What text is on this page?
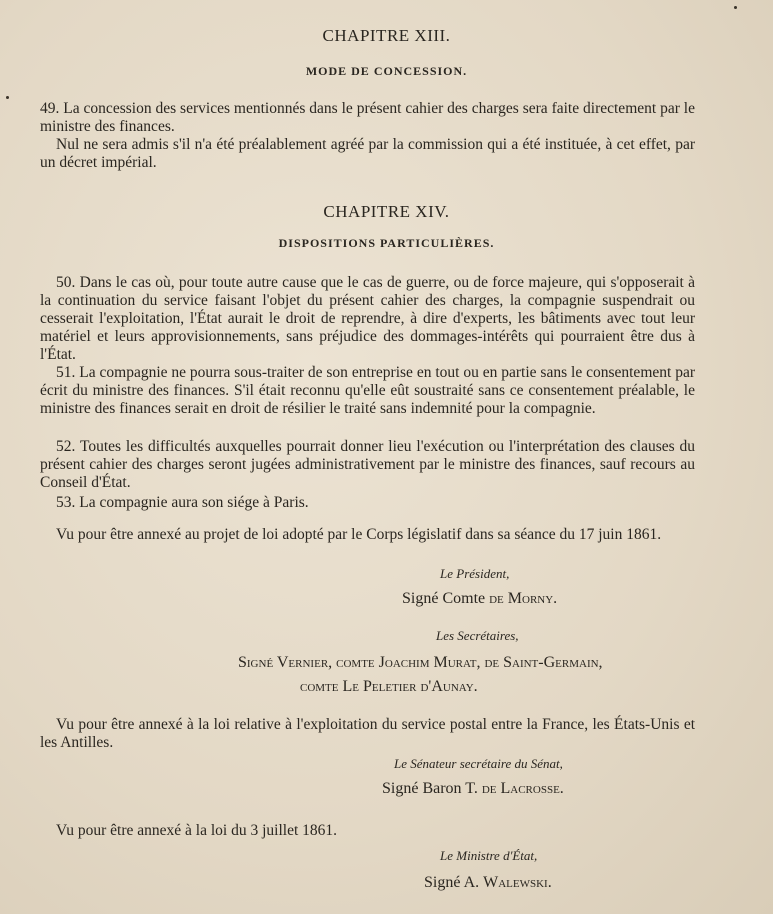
CHAPITRE XIII.

MODE DE CONCESSION.

49. La concession des services mentionnés dans le présent cahier des charges sera faite directement par le ministre des finances.

Nul ne sera admis s'il n'a été préalablement agréé par la commission qui a été instituée, à cet effet, par un décret impérial.

CHAPITRE XIV.

DISPOSITIONS PARTICULIÈRES.

50. Dans le cas où, pour toute autre cause que le cas de guerre, ou de force majeure, qui s'opposerait à la continuation du service faisant l'objet du présent cahier des charges, la compagnie suspendrait ou cesserait l'exploitation, l'État aurait le droit de reprendre, à dire d'experts, les bâtiments avec tout leur matériel et leurs approvisionnements, sans préjudice des dommages-intérêts qui pourraient être dus à l'État.

51. La compagnie ne pourra sous-traiter de son entreprise en tout ou en partie sans le consentement par écrit du ministre des finances. S'il était reconnu qu'elle eût soustraité sans ce consentement préalable, le ministre des finances serait en droit de résilier le traité sans indemnité pour la compagnie.

52. Toutes les difficultés auxquelles pourrait donner lieu l'exécution ou l'interprétation des clauses du présent cahier des charges seront jugées administrativement par le ministre des finances, sauf recours au Conseil d'État.

53. La compagnie aura son siége à Paris.

Vu pour être annexé au projet de loi adopté par le Corps législatif dans sa séance du 17 juin 1861.

Le Président,

Signé Comte de Morny.

Les Secrétaires,

Signé Vernier, comte Joachim Murat, de Saint-Germain,

comte Le Peletier d'Aunay.

Vu pour être annexé à la loi relative à l'exploitation du service postal entre la France, les États-Unis et les Antilles.

Le Sénateur secrétaire du Sénat,

Signé Baron T. de Lacrosse.

Vu pour être annexé à la loi du 3 juillet 1861.

Le Ministre d'État,

Signé A. Walewski.
